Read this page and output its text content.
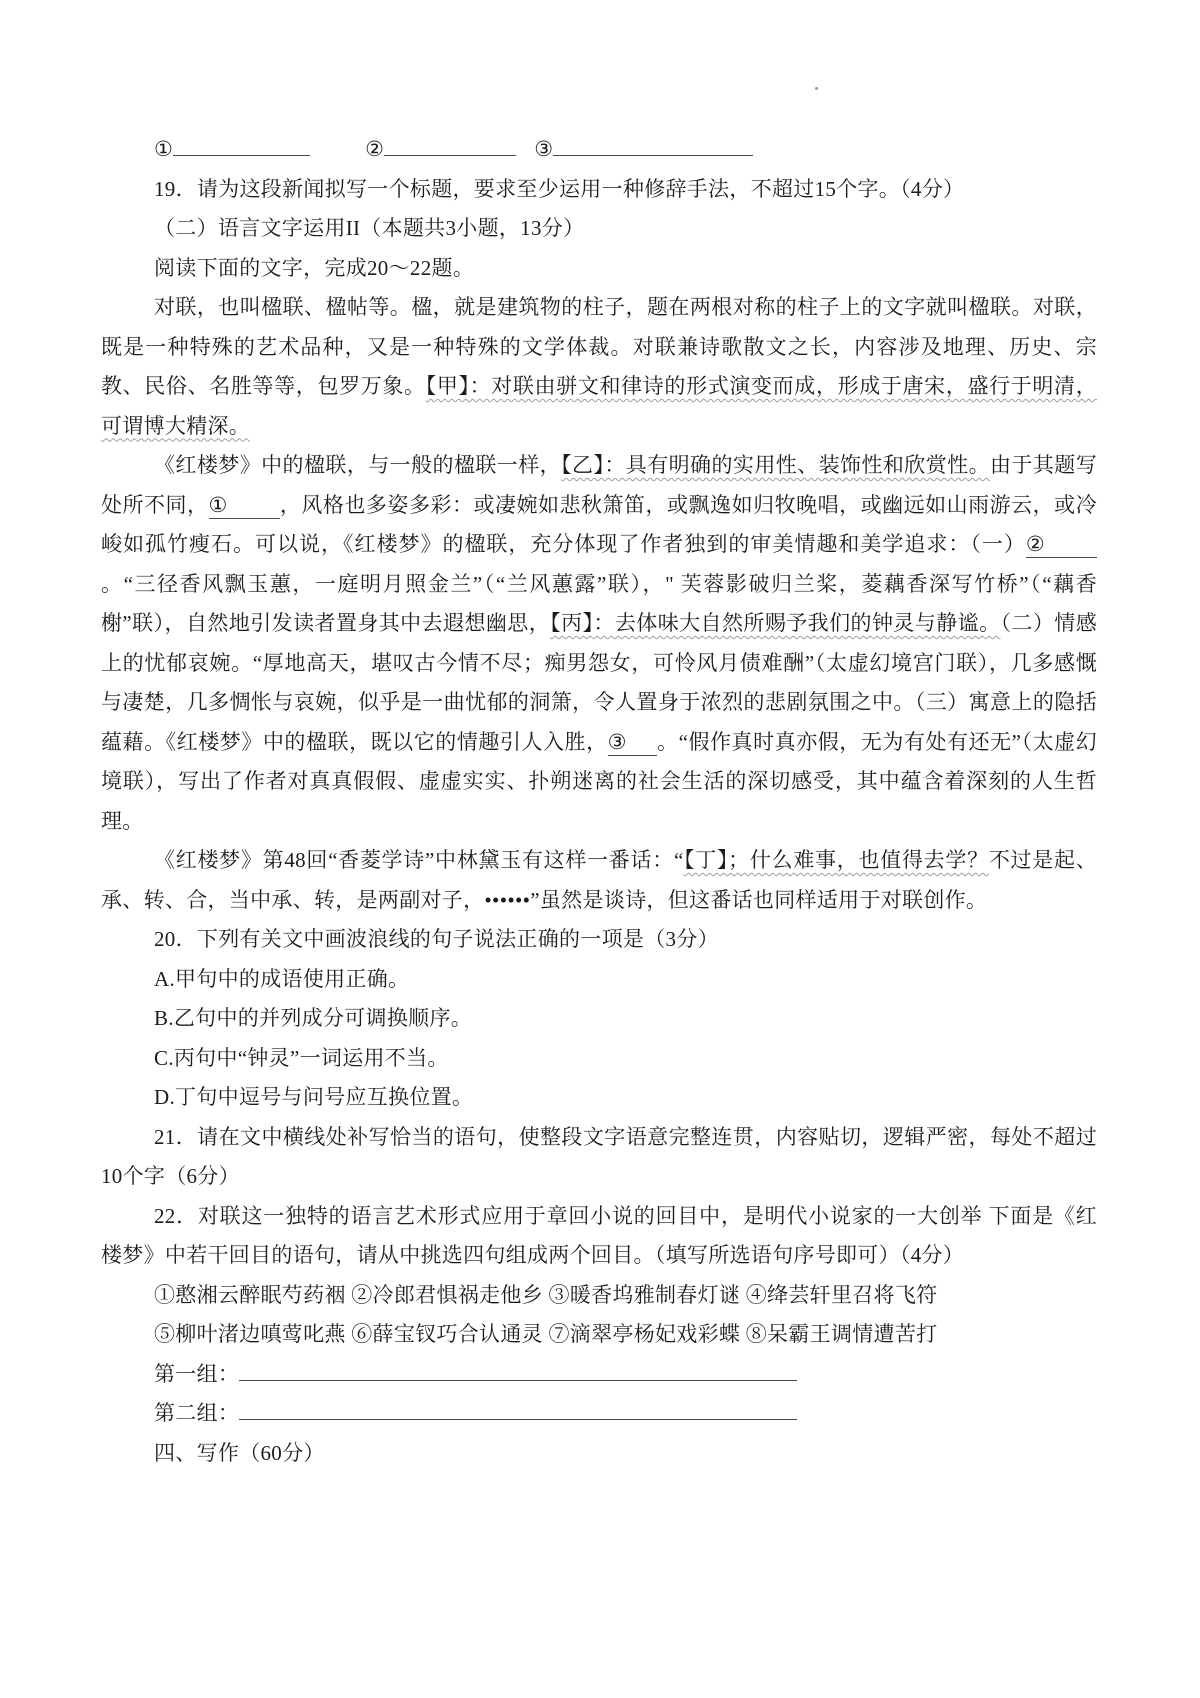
①	②	③

19．请为这段新闻拟写一个标题，要求至少运用一种修辞手法，不超过15个字。（4分）

（二）语言文字运用II（本题共3小题，13分）

阅读下面的文字，完成20～22题。

对联，也叫楹联、楹帖等。楹，就是建筑物的柱子，题在两根对称的柱子上的文字就叫楹联。对联，既是一种特殊的艺术品种，又是一种特殊的文学体裁。对联兼诗歌散文之长，内容涉及地理、历史、宗教、民俗、名胜等等，包罗万象。【甲】：对联由骈文和律诗的形式演变而成，形成于唐宋，盛行于明清，可谓博大精深。

《红楼梦》中的楹联，与一般的楹联一样，【乙】：具有明确的实用性、装饰性和欣赏性。由于其题写处所不同，① ，风格也多姿多彩：或凄婉如悲秋箫笛，或飘逸如归牧晚唱，或幽远如山雨游云，或冷峻如孤竹瘦石。可以说，《红楼梦》的楹联，充分体现了作者独到的审美情趣和美学追求：（一）②。“三径香风飘玉蕙，一庭明月照金兰”（“兰风蕙露”联），" 芙蓉影破归兰桨，菱藕香深写竹桥”（“藕香榭”联），自然地引发读者置身其中去遐想幽思，【丙】：去体味大自然所赐予我们的钟灵与静谧。（二）情感上的忧郁哀婉。“厚地高天，堪叹古今情不尽；痴男怨女，可怜风月债难酬”（太虚幻境宫门联），几多感慨与凄楚，几多惆怅与哀婉，似乎是一曲忧郁的洞箫，令人置身于浓烈的悲剧氛围之中。（三）寓意上的隐括蕴藉。《红楼梦》中的楹联，既以它的情趣引人入胜，③ 。“假作真时真亦假，无为有处有还无”（太虚幻境联），写出了作者对真真假假、虚虚实实、扑朔迷离的社会生活的深切感受，其中蕴含着深刻的人生哲理。

《红楼梦》第48回“香菱学诗”中林黛玉有这样一番话：“【丁】；什么难事，也值得去学？不过是起、承、转、合，当中承、转，是两副对子，••••••”虽然是谈诗，但这番话也同样适用于对联创作。

20．下列有关文中画波浪线的句子说法正确的一项是（3分）

A.甲句中的成语使用正确。

B.乙句中的并列成分可调换顺序。

C.丙句中“钟灵”一词运用不当。

D.丁句中逗号与问号应互换位置。

21．请在文中横线处补写恰当的语句，使整段文字语意完整连贯，内容贴切，逻辑严密，每处不超过10个字（6分）

22．对联这一独特的语言艺术形式应用于章回小说的回目中，是明代小说家的一大创举 下面是《红楼梦》中若干回目的语句，请从中挑选四句组成两个回目。（填写所选语句序号即可）（4分）

①憨湘云醉眠芍药裀 ②冷郎君惧祸走他乡 ③暖香坞雅制春灯谜 ④绛芸轩里召将飞符

⑤柳叶渚边嗔莺叱燕 ⑥薛宝钗巧合认通灵 ⑦滴翠亭杨妃戏彩蝶 ⑧呆霸王调情遭苦打

第一组：

第二组：

四、写作（60分）
